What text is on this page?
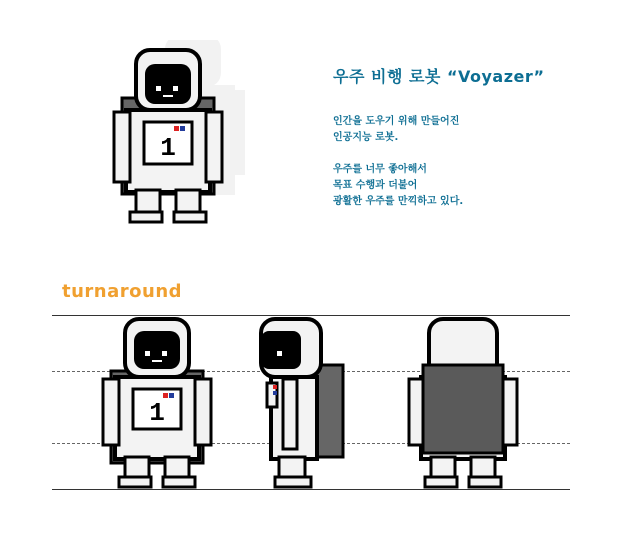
1
우주 비행 로봇 “Voyazer”
인간을 도우기 위해 만들어진
인공지능 로봇.
우주를 너무 좋아해서
목표 수행과 더불어
광활한 우주를 만끽하고 있다.
turnaround
1
